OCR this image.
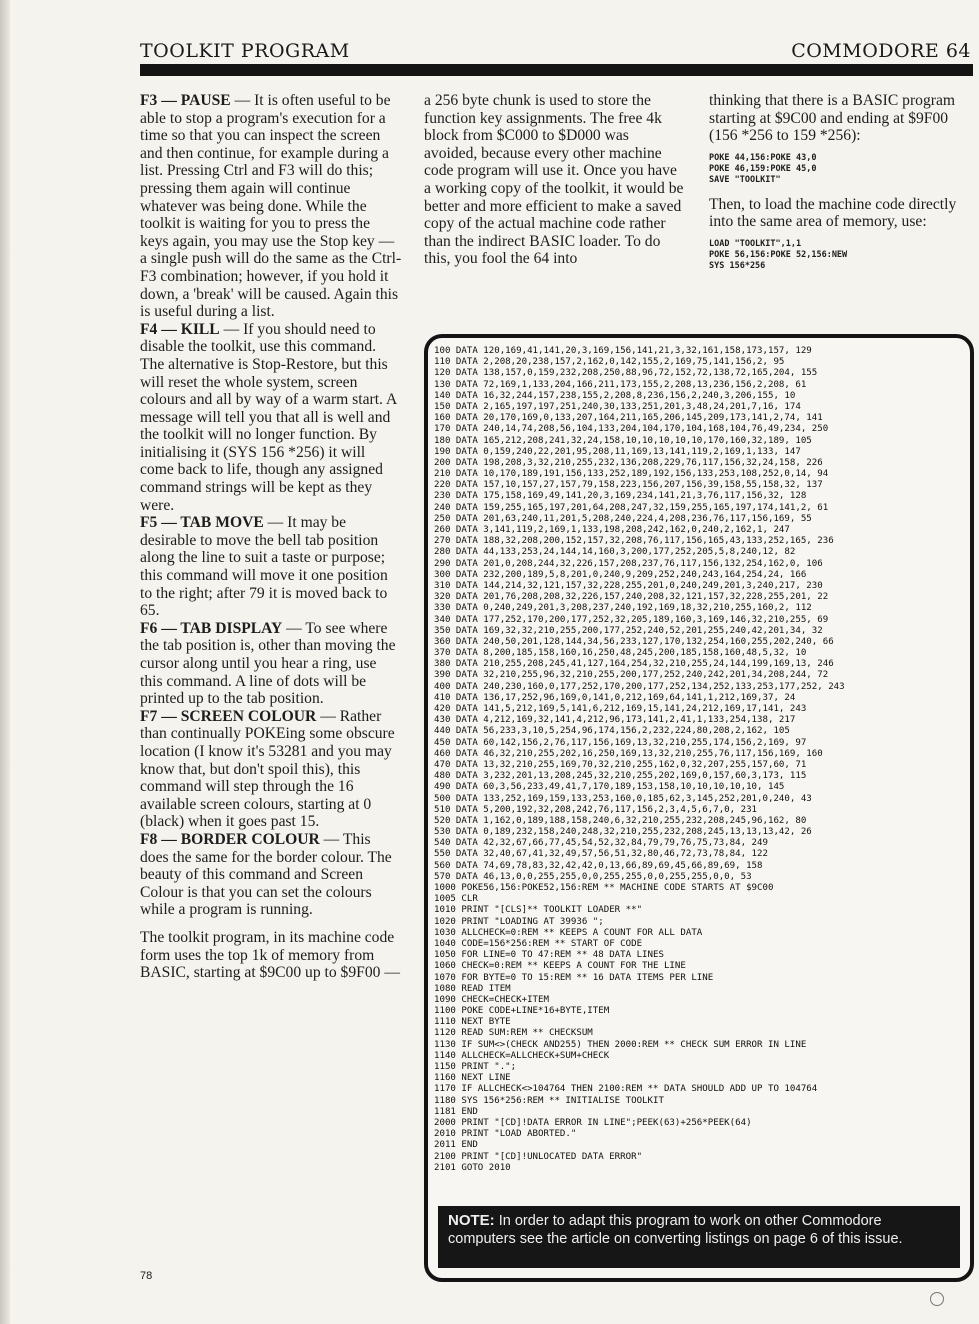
TOOLKIT PROGRAM	COMMODORE 64

F3 — PAUSE — It is often useful to be able to stop a program's execution for a time so that you can inspect the screen and then continue, for example during a list. Pressing Ctrl and F3 will do this; pressing them again will continue whatever was being done. While the toolkit is waiting for you to press the keys again, you may use the Stop key — a single push will do the same as the Ctrl-F3 combination; however, if you hold it down, a 'break' will be caused. Again this is useful during a list.

F4 — KILL — If you should need to disable the toolkit, use this command. The alternative is Stop-Restore, but this will reset the whole system, screen colours and all by way of a warm start. A message will tell you that all is well and the toolkit will no longer function. By initialising it (SYS 156 *256) it will come back to life, though any assigned command strings will be kept as they were.

F5 — TAB MOVE — It may be desirable to move the bell tab position along the line to suit a taste or purpose; this command will move it one position to the right; after 79 it is moved back to 65.

F6 — TAB DISPLAY — To see where the tab position is, other than moving the cursor along until you hear a ring, use this command. A line of dots will be printed up to the tab position.

F7 — SCREEN COLOUR — Rather than continually POKEing some obscure location (I know it's 53281 and you may know that, but don't spoil this), this command will step through the 16 available screen colours, starting at 0 (black) when it goes past 15.

F8 — BORDER COLOUR — This does the same for the border colour. The beauty of this command and Screen Colour is that you can set the colours while a program is running.

The toolkit program, in its machine code form uses the top 1k of memory from BASIC, starting at $9C00 up to $9F00 —

a 256 byte chunk is used to store the function key assignments. The free 4k block from $C000 to $D000 was avoided, because every other machine code program will use it. Once you have a working copy of the toolkit, it would be better and more efficient to make a saved copy of the actual machine code rather than the indirect BASIC loader. To do this, you fool the 64 into

thinking that there is a BASIC program starting at $9C00 and ending at $9F00 (156 *256 to 159 *256):

POKE 44,156:POKE 43,0
POKE 46,159:POKE 45,0
SAVE "TOOLKIT"

Then, to load the machine code directly into the same area of memory, use:

LOAD "TOOLKIT",1,1
POKE 56,156:POKE 52,156:NEW
SYS 156*256
100 DATA 120,169,41,141,20,3,169,156,141,21,3,32,161,158,173,157, 129
110 DATA 2,208,20,238,157,2,162,0,142,155,2,169,75,141,156,2, 95
120 DATA 138,157,0,159,232,208,250,88,96,72,152,72,138,72,165,204, 155
130 DATA 72,169,1,133,204,166,211,173,155,2,208,13,236,156,2,208, 61
140 DATA 16,32,244,157,238,155,2,208,8,236,156,2,240,3,206,155, 10
150 DATA 2,165,197,197,251,240,30,133,251,201,3,48,24,201,7,16, 174
160 DATA 20,170,169,0,133,207,164,211,165,206,145,209,173,141,2,74, 141
170 DATA 240,14,74,208,56,104,133,204,104,170,104,168,104,76,49,234, 250
180 DATA 165,212,208,241,32,24,158,10,10,10,10,10,170,160,32,189, 105
190 DATA 0,159,240,22,201,95,208,11,169,13,141,119,2,169,1,133, 147
200 DATA 198,208,3,32,210,255,232,136,208,229,76,117,156,32,24,158, 226
210 DATA 10,170,189,191,156,133,252,189,192,156,133,253,108,252,0,14, 94
220 DATA 157,10,157,27,157,79,158,223,156,207,156,39,158,55,158,32, 137
230 DATA 175,158,169,49,141,20,3,169,234,141,21,3,76,117,156,32, 128
240 DATA 159,255,165,197,201,64,208,247,32,159,255,165,197,174,141,2, 61
250 DATA 201,63,240,11,201,5,208,240,224,4,208,236,76,117,156,169, 55
260 DATA 3,141,119,2,169,1,133,198,208,242,162,0,240,2,162,1, 247
270 DATA 188,32,208,200,152,157,32,208,76,117,156,165,43,133,252,165, 236
280 DATA 44,133,253,24,144,14,160,3,200,177,252,205,5,8,240,12, 82
290 DATA 201,0,208,244,32,226,157,208,237,76,117,156,132,254,162,0, 106
300 DATA 232,200,189,5,8,201,0,240,9,209,252,240,243,164,254,24, 166
310 DATA 144,214,32,121,157,32,228,255,201,0,240,249,201,3,240,217, 230
320 DATA 201,76,208,208,32,226,157,240,208,32,121,157,32,228,255,201, 22
330 DATA 0,240,249,201,3,208,237,240,192,169,18,32,210,255,160,2, 112
340 DATA 177,252,170,200,177,252,32,205,189,160,3,169,146,32,210,255, 69
350 DATA 169,32,32,210,255,200,177,252,240,52,201,255,240,42,201,34, 32
360 DATA 240,50,201,128,144,34,56,233,127,170,132,254,160,255,202,240, 66
370 DATA 8,200,185,158,160,16,250,48,245,200,185,158,160,48,5,32, 10
380 DATA 210,255,208,245,41,127,164,254,32,210,255,24,144,199,169,13, 246
390 DATA 32,210,255,96,32,210,255,200,177,252,240,242,201,34,208,244, 72
400 DATA 240,230,160,0,177,252,170,200,177,252,134,252,133,253,177,252, 243
410 DATA 136,17,252,96,169,0,141,0,212,169,64,141,1,212,169,37, 24
420 DATA 141,5,212,169,5,141,6,212,169,15,141,24,212,169,17,141, 243
430 DATA 4,212,169,32,141,4,212,96,173,141,2,41,1,133,254,138, 217
440 DATA 56,233,3,10,5,254,96,174,156,2,232,224,80,208,2,162, 105
450 DATA 60,142,156,2,76,117,156,169,13,32,210,255,174,156,2,169, 97
460 DATA 46,32,210,255,202,16,250,169,13,32,210,255,76,117,156,169, 160
470 DATA 13,32,210,255,169,70,32,210,255,162,0,32,207,255,157,60, 71
480 DATA 3,232,201,13,208,245,32,210,255,202,169,0,157,60,3,173, 115
490 DATA 60,3,56,233,49,41,7,170,189,153,158,10,10,10,10,10, 145
500 DATA 133,252,169,159,133,253,160,0,185,62,3,145,252,201,0,240, 43
510 DATA 5,200,192,32,208,242,76,117,156,2,3,4,5,6,7,0, 231
520 DATA 1,162,0,189,188,158,240,6,32,210,255,232,208,245,96,162, 80
530 DATA 0,189,232,158,240,248,32,210,255,232,208,245,13,13,13,42, 26
540 DATA 42,32,67,66,77,45,54,52,32,84,79,79,76,75,73,84, 249
550 DATA 32,40,67,41,32,49,57,56,51,32,80,46,72,73,78,84, 122
560 DATA 74,69,78,83,32,42,42,0,13,66,89,69,45,66,89,69, 158
570 DATA 46,13,0,0,255,255,0,0,255,255,0,0,255,255,0,0, 53
1000 POKE56,156:POKE52,156:REM ** MACHINE CODE STARTS AT $9C00
1005 CLR
1010 PRINT "[CLS]** TOOLKIT LOADER **"
1020 PRINT "LOADING AT 39936 ";
1030 ALLCHECK=0:REM ** KEEPS A COUNT FOR ALL DATA
1040 CODE=156*256:REM ** START OF CODE
1050 FOR LINE=0 TO 47:REM ** 48 DATA LINES
1060 CHECK=0:REM ** KEEPS A COUNT FOR THE LINE
1070 FOR BYTE=0 TO 15:REM ** 16 DATA ITEMS PER LINE
1080 READ ITEM
1090 CHECK=CHECK+ITEM
1100 POKE CODE+LINE*16+BYTE,ITEM
1110 NEXT BYTE
1120 READ SUM:REM ** CHECKSUM
1130 IF SUM<>(CHECK AND255) THEN 2000:REM ** CHECK SUM ERROR IN LINE
1140 ALLCHECK=ALLCHECK+SUM+CHECK
1150 PRINT ".";
1160 NEXT LINE
1170 IF ALLCHECK<>104764 THEN 2100:REM ** DATA SHOULD ADD UP TO 104764
1180 SYS 156*256:REM ** INITIALISE TOOLKIT
1181 END
2000 PRINT "[CD]!DATA ERROR IN LINE";PEEK(63)+256*PEEK(64)
2010 PRINT "LOAD ABORTED."
2011 END
2100 PRINT "[CD]!UNLOCATED DATA ERROR"
2101 GOTO 2010
NOTE: In order to adapt this program to work on other Commodore computers see the article on converting listings on page 6 of this issue.
78
